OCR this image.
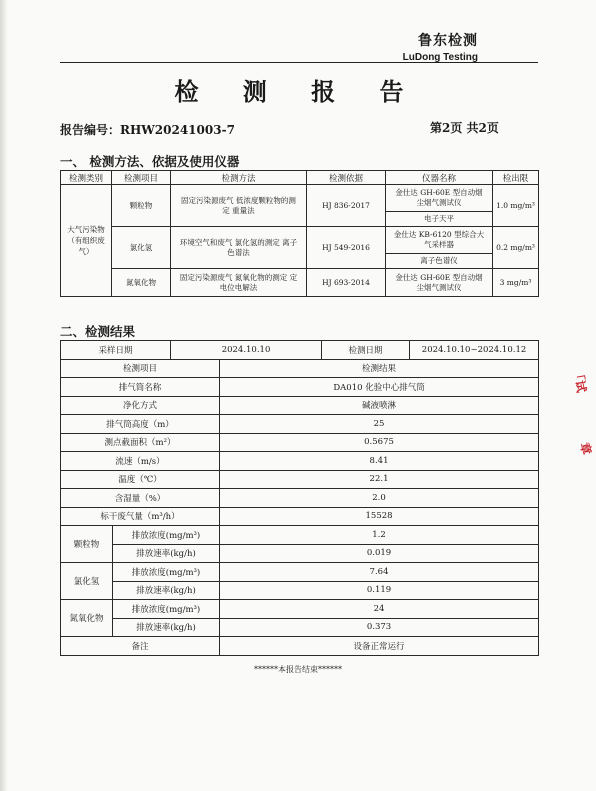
鲁东检测
LuDong Testing
检 测 报 告
报告编号：RHW20241003-7	第2页 共2页
一、 检测方法、依据及使用仪器
检测类别	检测项目	检测方法	检测依据	仪器名称	检出限
大气污染物（有组织废气）	颗粒物	固定污染源废气 低浓度颗粒物的测定 重量法	HJ 836-2017	金仕达 GH-60E 型自动烟尘烟气测试仪	1.0 mg/m³
				电子天平	
	氯化氢	环境空气和废气 氯化氢的测定 离子色谱法	HJ 549-2016	金仕达 KB-6120 型综合大气采样器	0.2 mg/m³
				离子色谱仪	
	氮氧化物	固定污染源废气 氮氧化物的测定 定电位电解法	HJ 693-2014	金仕达 GH-60E 型自动烟尘烟气测试仪	3 mg/m³
二、检测结果
采样日期		2024.10.10		检测日期	2024.10.10~2024.10.12
检测项目			检测结果		
排气筒名称			DA010 化验中心排气筒		
净化方式			碱液喷淋		
排气筒高度（m）			25		
测点截面积（m²）			0.5675		
流速（m/s）			8.41		
温度（℃）			22.1		
含湿量（%）			2.0		
标干废气量（m³/h）			15528		
颗粒物	排放浓度(mg/m³)		1.2		
	排放速率(kg/h)		0.019		
氯化氢	排放浓度(mg/m³)		7.64		
	排放速率(kg/h)		0.119		
氮氧化物	排放浓度(mg/m³)		24		
	排放速率(kg/h)		0.373		
备注			设备正常运行		
******本报告结束******
「试
章
